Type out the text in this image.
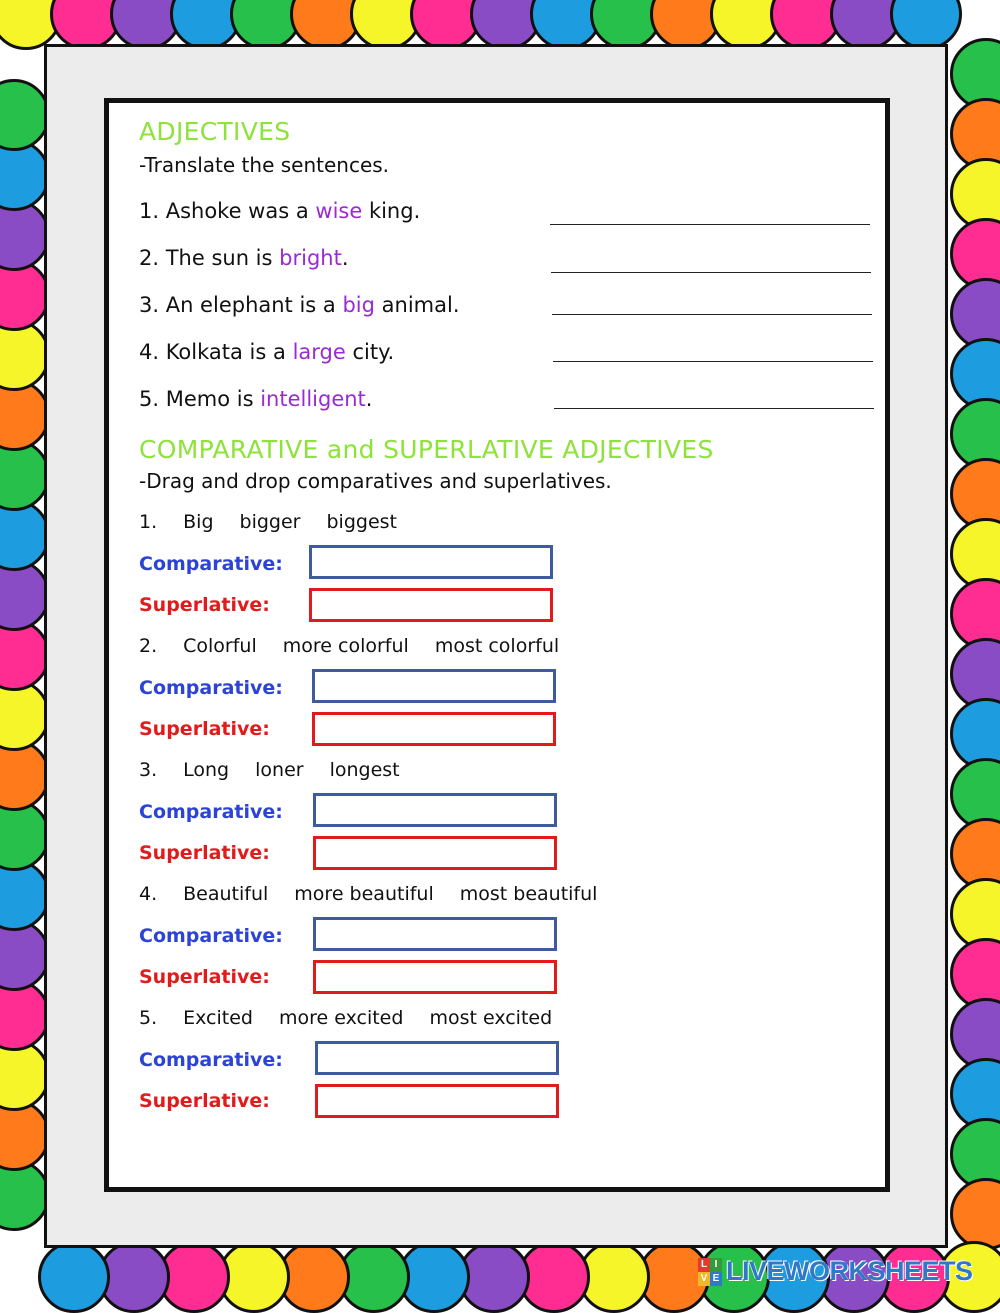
ADJECTIVES
-Translate the sentences.
1. Ashoke was a wise king.
2. The sun is bright.
3. An elephant is a big animal.
4. Kolkata is a large city.
5. Memo is intelligent.
COMPARATIVE and SUPERLATIVE ADJECTIVES
-Drag and drop comparatives and superlatives.
1. Big bigger biggest
Comparative:
Superlative:
2. Colorful more colorful most colorful
Comparative:
Superlative:
3. Long loner longest
Comparative:
Superlative:
4. Beautiful more beautiful most beautiful
Comparative:
Superlative:
5. Excited more excited most excited
Comparative:
Superlative:
L I
V E LIVEWORKSHEETS
